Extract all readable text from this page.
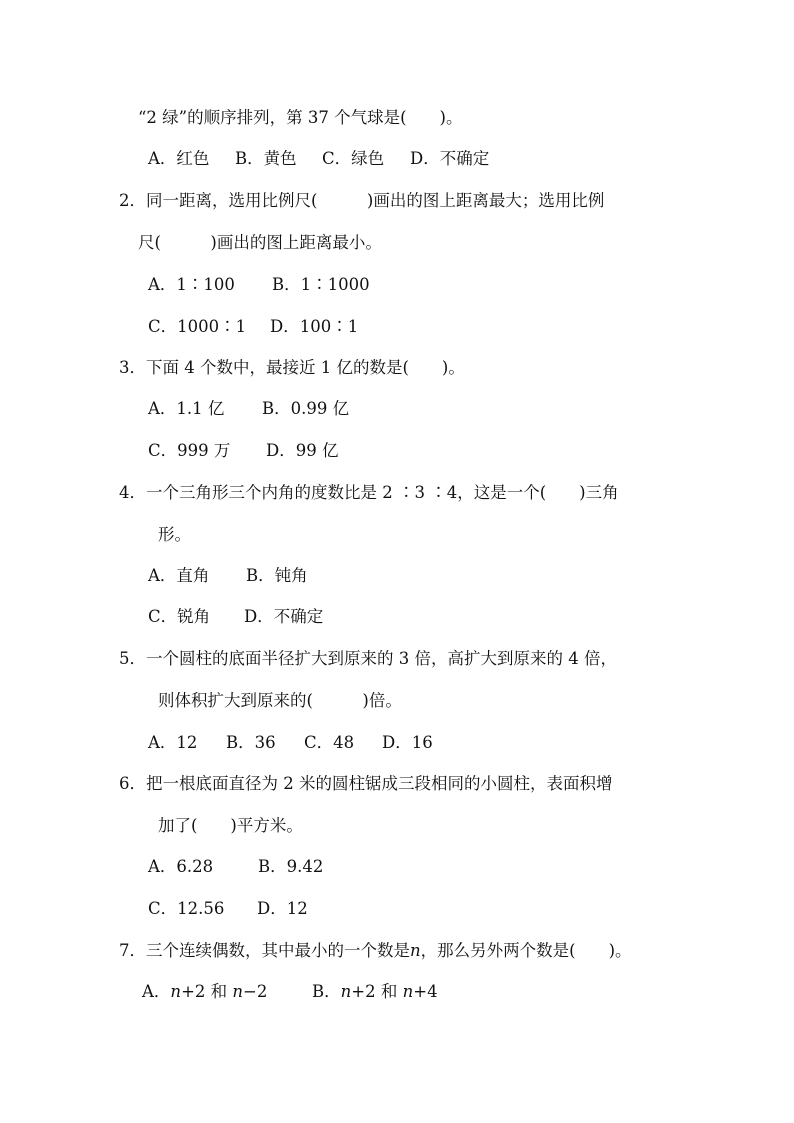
“2 绿”的顺序排列，第 37 个气球是(　　)。
A．红色 B．黄色 C．绿色 D．不确定
2．同一距离，选用比例尺(　　　)画出的图上距离最大；选用比例
尺(　　　)画出的图上距离最小。
A．1∶100 B．1∶1000
C．1000∶1 D．100∶1
3．下面 4 个数中，最接近 1 亿的数是(　　)。
A．1.1 亿 B．0.99 亿
C．999 万 D．99 亿
4．一个三角形三个内角的度数比是 2 ∶3 ∶4，这是一个(　　)三角
形。
A．直角 B．钝角
C．锐角 D．不确定
5．一个圆柱的底面半径扩大到原来的 3 倍，高扩大到原来的 4 倍，
则体积扩大到原来的(　　　)倍。
A．12 B．36 C．48 D．16
6．把一根底面直径为 2 米的圆柱锯成三段相同的小圆柱，表面积增
加了(　　)平方米。
A．6.28	B．9.42
C．12.56 D．12
7．三个连续偶数，其中最小的一个数是n，那么另外两个数是(　　)。
A．n+2 和 n−2	B．n+2 和 n+4
